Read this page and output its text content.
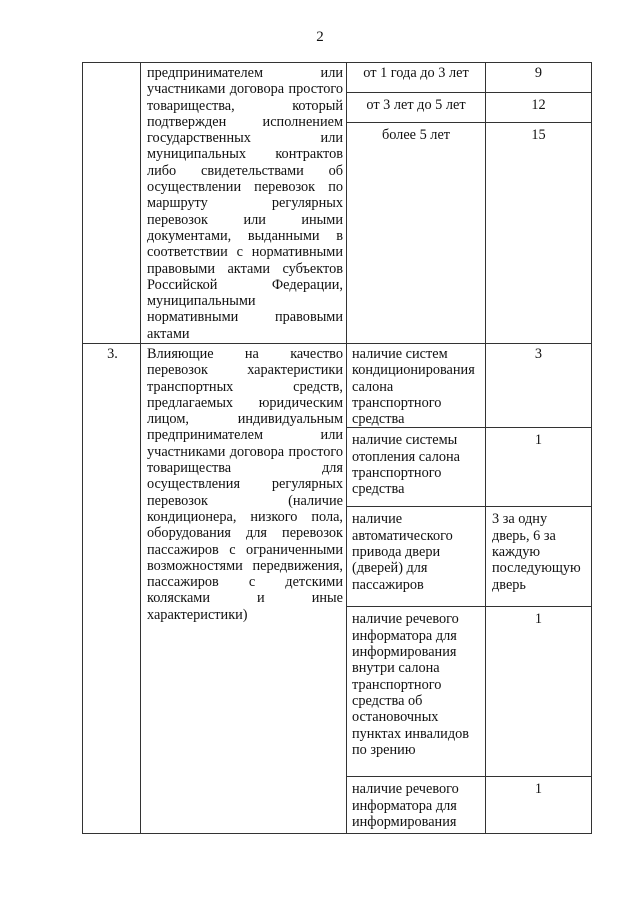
2

	предпринимателем или участниками договора простого товарищества, который подтвержден исполнением государственных или муниципальных контрактов либо свидетельствами об осуществлении перевозок по маршруту регулярных перевозок или иными документами, выданными в соответствии с нормативными правовыми актами субъектов Российской Федерации, муниципальными нормативными правовыми актами	от 1 года до 3 лет	9

		от 3 лет до 5 лет	12

		более 5 лет	15

3.	Влияющие на качество перевозок характеристики транспортных средств, предлагаемых юридическим лицом, индивидуальным предпринимателем или участниками договора простого товарищества для осуществления регулярных перевозок (наличие кондиционера, низкого пола, оборудования для перевозок пассажиров с ограниченными возможностями передвижения, пассажиров с детскими колясками и иные характеристики)	наличие систем кондиционирования салона транспортного средства	3

		наличие системы отопления салона транспортного средства	1

		наличие автоматического привода двери (дверей) для пассажиров	3 за одну дверь, 6 за каждую последующую дверь

		наличие речевого информатора для информирования внутри салона транспортного средства об остановочных пунктах инвалидов по зрению	1

		наличие речевого информатора для информирования	1
